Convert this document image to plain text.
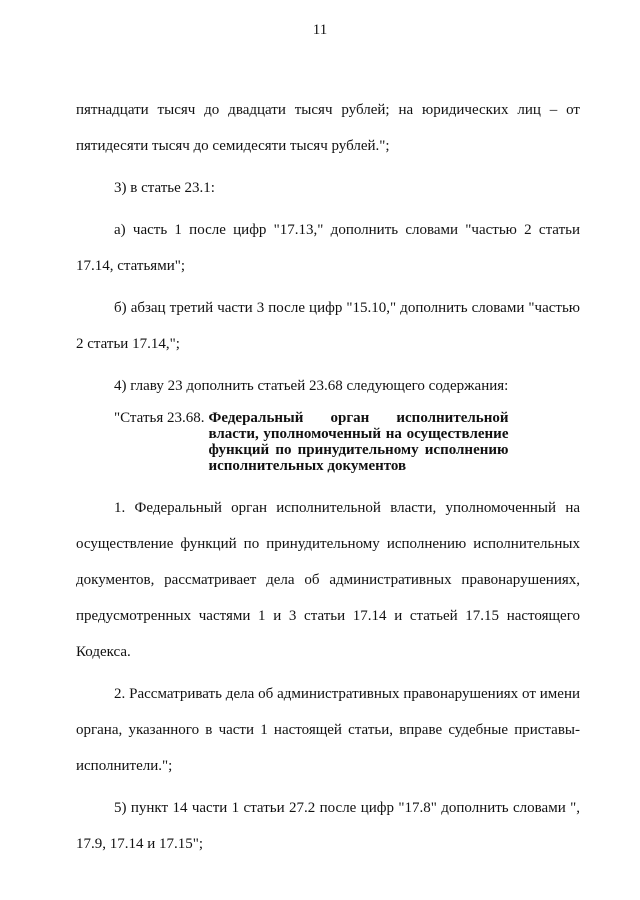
11

пятнадцати тысяч до двадцати тысяч рублей; на юридических лиц – от пятидесяти тысяч до семидесяти тысяч рублей.";

3) в статье 23.1:

а) часть 1 после цифр "17.13," дополнить словами "частью 2 статьи 17.14, статьями";

б) абзац третий части 3 после цифр "15.10," дополнить словами "частью 2 статьи 17.14,";

4) главу 23 дополнить статьей 23.68 следующего содержания:

"Статья 23.68. Федеральный орган исполнительной власти, уполномоченный на осуществление функций по принудительному исполнению исполнительных документов

1. Федеральный орган исполнительной власти, уполномоченный на осуществление функций по принудительному исполнению исполнительных документов, рассматривает дела об административных правонарушениях, предусмотренных частями 1 и 3 статьи 17.14 и статьей 17.15 настоящего Кодекса.

2. Рассматривать дела об административных правонарушениях от имени органа, указанного в части 1 настоящей статьи, вправе судебные приставы-исполнители.";

5) пункт 14 части 1 статьи 27.2 после цифр "17.8" дополнить словами ", 17.9, 17.14 и 17.15";
